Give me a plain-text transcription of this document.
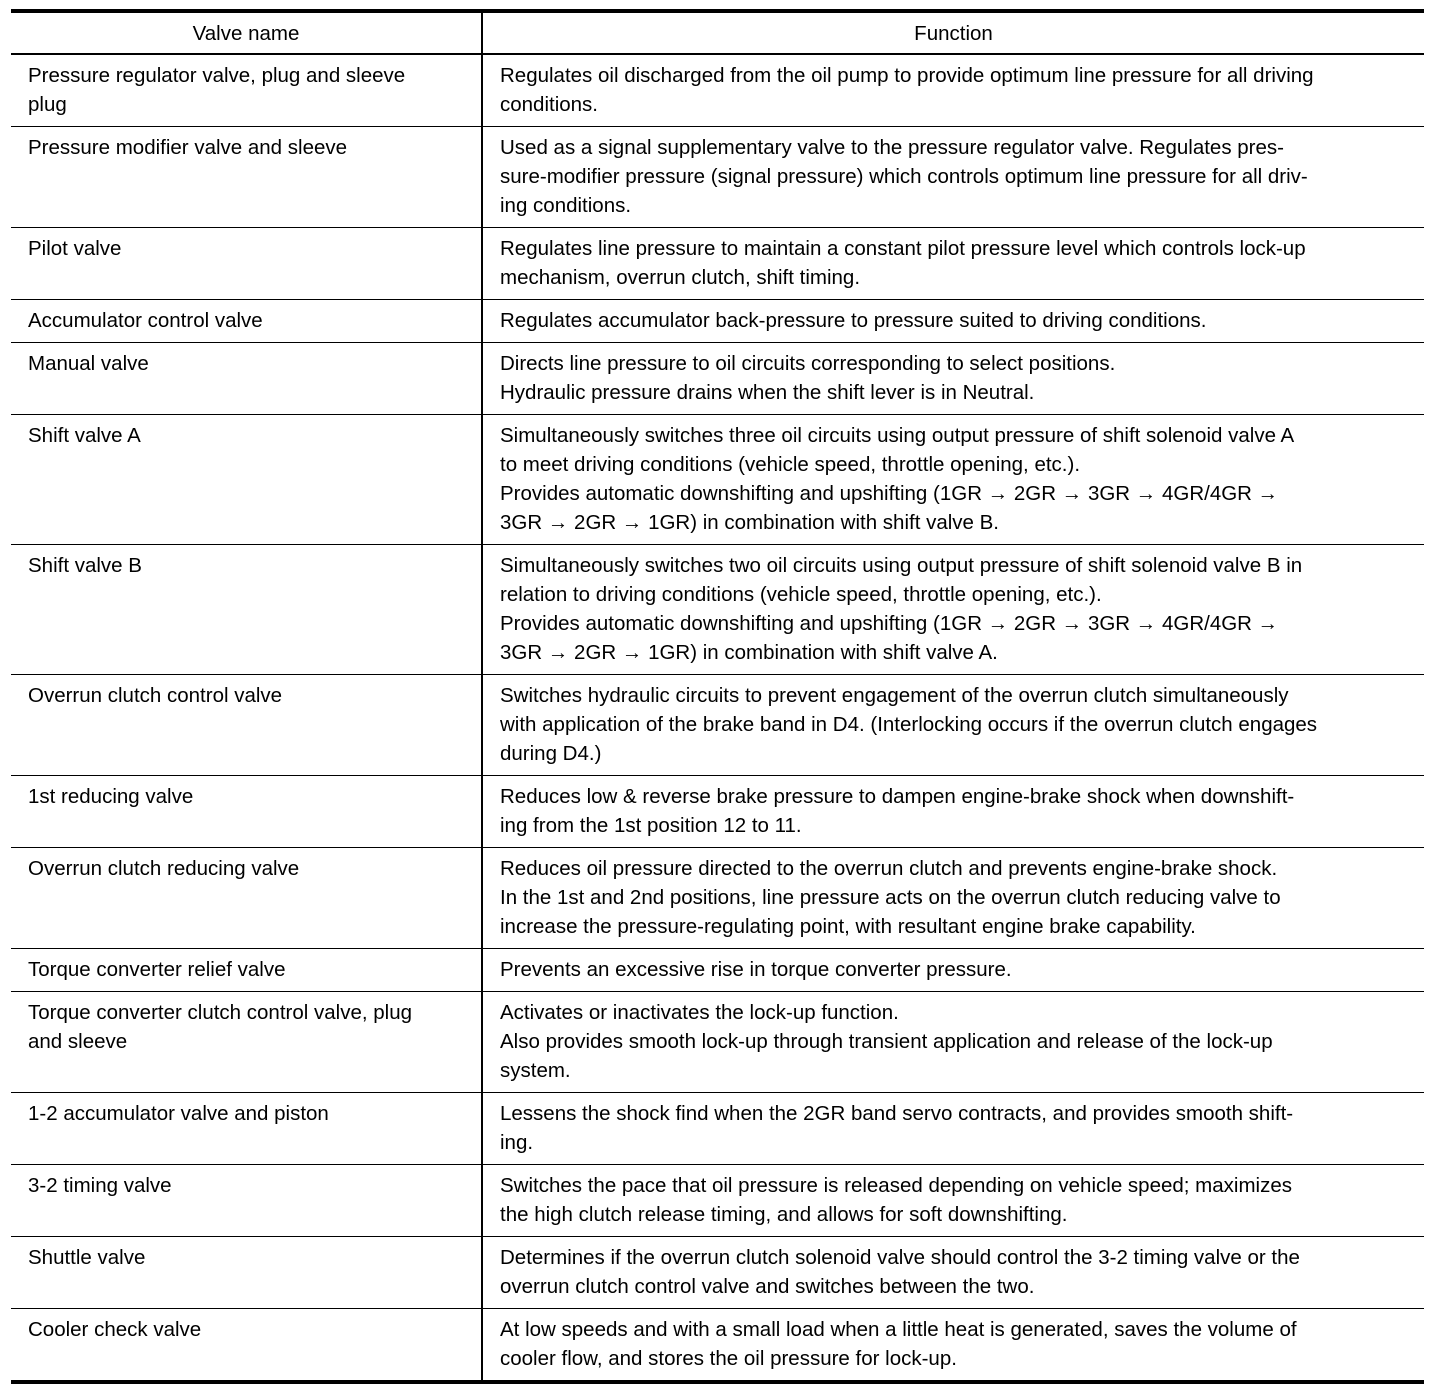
Valve name	Function

Pressure regulator valve, plug and sleeve
plug	Regulates oil discharged from the oil pump to provide optimum line pressure for all driving
conditions.

Pressure modifier valve and sleeve	Used as a signal supplementary valve to the pressure regulator valve. Regulates pres-
sure-modifier pressure (signal pressure) which controls optimum line pressure for all driv-
ing conditions.

Pilot valve	Regulates line pressure to maintain a constant pilot pressure level which controls lock-up
mechanism, overrun clutch, shift timing.

Accumulator control valve	Regulates accumulator back-pressure to pressure suited to driving conditions.

Manual valve	Directs line pressure to oil circuits corresponding to select positions.
Hydraulic pressure drains when the shift lever is in Neutral.

Shift valve A	Simultaneously switches three oil circuits using output pressure of shift solenoid valve A
to meet driving conditions (vehicle speed, throttle opening, etc.).
Provides automatic downshifting and upshifting (1GR → 2GR → 3GR → 4GR/4GR →
3GR → 2GR → 1GR) in combination with shift valve B.

Shift valve B	Simultaneously switches two oil circuits using output pressure of shift solenoid valve B in
relation to driving conditions (vehicle speed, throttle opening, etc.).
Provides automatic downshifting and upshifting (1GR → 2GR → 3GR → 4GR/4GR →
3GR → 2GR → 1GR) in combination with shift valve A.

Overrun clutch control valve	Switches hydraulic circuits to prevent engagement of the overrun clutch simultaneously
with application of the brake band in D4. (Interlocking occurs if the overrun clutch engages
during D4.)

1st reducing valve	Reduces low & reverse brake pressure to dampen engine-brake shock when downshift-
ing from the 1st position 12 to 11.

Overrun clutch reducing valve	Reduces oil pressure directed to the overrun clutch and prevents engine-brake shock.
In the 1st and 2nd positions, line pressure acts on the overrun clutch reducing valve to
increase the pressure-regulating point, with resultant engine brake capability.

Torque converter relief valve	Prevents an excessive rise in torque converter pressure.

Torque converter clutch control valve, plug
and sleeve	Activates or inactivates the lock-up function.
Also provides smooth lock-up through transient application and release of the lock-up
system.

1-2 accumulator valve and piston	Lessens the shock find when the 2GR band servo contracts, and provides smooth shift-
ing.

3-2 timing valve	Switches the pace that oil pressure is released depending on vehicle speed; maximizes
the high clutch release timing, and allows for soft downshifting.

Shuttle valve	Determines if the overrun clutch solenoid valve should control the 3-2 timing valve or the
overrun clutch control valve and switches between the two.

Cooler check valve	At low speeds and with a small load when a little heat is generated, saves the volume of
cooler flow, and stores the oil pressure for lock-up.
